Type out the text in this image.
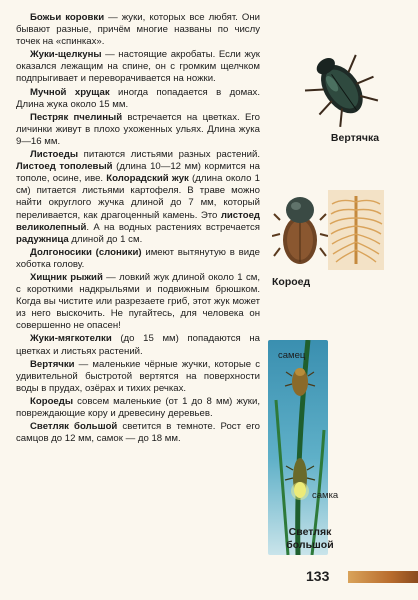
Божьи коровки — жуки, которых все любят. Они бывают разные, причём многие названы по числу точек на «спинках».

Жуки-щелкуны — настоящие акробаты. Если жук оказался лежащим на спине, он с громким щелчком подпрыгивает и переворачивается на ножки.

Мучной хрущак иногда попадается в домах. Длина жука около 15 мм.

Пестряк пчелиный встречается на цветках. Его личинки живут в плохо ухоженных ульях. Длина жука 9—16 мм.

Листоеды питаются листьями разных растений. Листоед тополевый (длина 10—12 мм) кормится на тополе, осине, иве. Колорадский жук (длина около 1 см) питается листьями картофеля. В траве можно найти округлого жучка длиной до 7 мм, который переливается, как драгоценный камень. Это листоед великолепный. А на водных растениях встречается радужница длиной до 1 см.

Долгоносики (слоники) имеют вытянутую в виде хоботка голову.

Хищник рыжий — ловкий жук длиной около 1 см, с короткими надкрыльями и подвижным брюшком. Когда вы чистите или разрезаете гриб, этот жук может из него выскочить. Не пугайтесь, для человека он совершенно не опасен!

Жуки-мягкотелки (до 15 мм) попадаются на цветках и листьях растений.

Вертячки — маленькие чёрные жучки, которые с удивительной быстротой вертятся на поверхности воды в прудах, озёрах и тихих речках.

Короеды совсем маленькие (от 1 до 8 мм) жуки, повреждающие кору и древесину деревьев.

Светляк большой светится в темноте. Рост его самцов до 12 мм, самок — до 18 мм.

Вертячка
Короед
самец
самка
Светляк
большой
133
